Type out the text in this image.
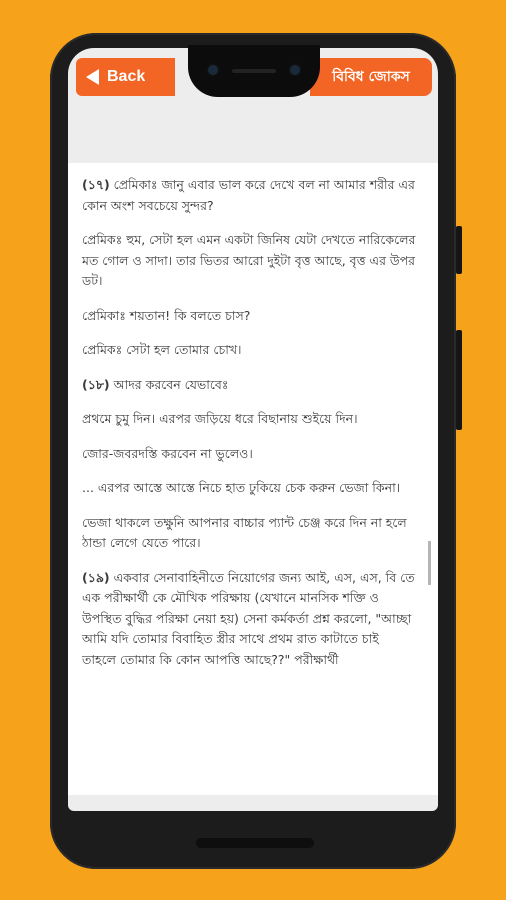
Back	বিবিধ জোকস

(১৭) প্রেমিকাঃ জানু এবার ভাল করে দেখে বল না আমার শরীর এর কোন অংশ সবচেয়ে সুন্দর?

প্রেমিকঃ হুম, সেটা হল এমন একটা জিনিষ যেটা দেখতে নারিকেলের মত গোল ও সাদা। তার ভিতর আরো দুইটা বৃত্ত আছে, বৃত্ত এর উপর ডট।

প্রেমিকাঃ শয়তান! কি বলতে চাস?

প্রেমিকঃ সেটা হল তোমার চোখ।

(১৮) আদর করবেন যেভাবেঃ

প্রথমে চুমু দিন। এরপর জড়িয়ে ধরে বিছানায় শুইয়ে দিন।

জোর-জবরদস্তি করবেন না ভুলেও।

... এরপর আস্তে আস্তে নিচে হাত ঢুকিয়ে চেক করুন ভেজা কিনা।

ভেজা থাকলে তক্ষুনি আপনার বাচ্চার প্যান্ট চেঞ্জ করে দিন না হলে ঠান্ডা লেগে যেতে পারে।

(১৯) একবার সেনাবাহিনীতে নিয়োগের জন্য আই, এস, এস, বি তে এক পরীক্ষার্থী কে মৌখিক পরিক্ষায় (যেখানে মানসিক শক্তি ও উপস্থিত বুদ্ধির পরিক্ষা নেয়া হয়) সেনা কর্মকর্তা প্রশ্ন করলো, "আচ্ছা আমি যদি তোমার বিবাহিত স্ত্রীর সাথে প্রথম রাত কাটাতে চাই তাহলে তোমার কি কোন আপত্তি আছে??" পরীক্ষার্থী
